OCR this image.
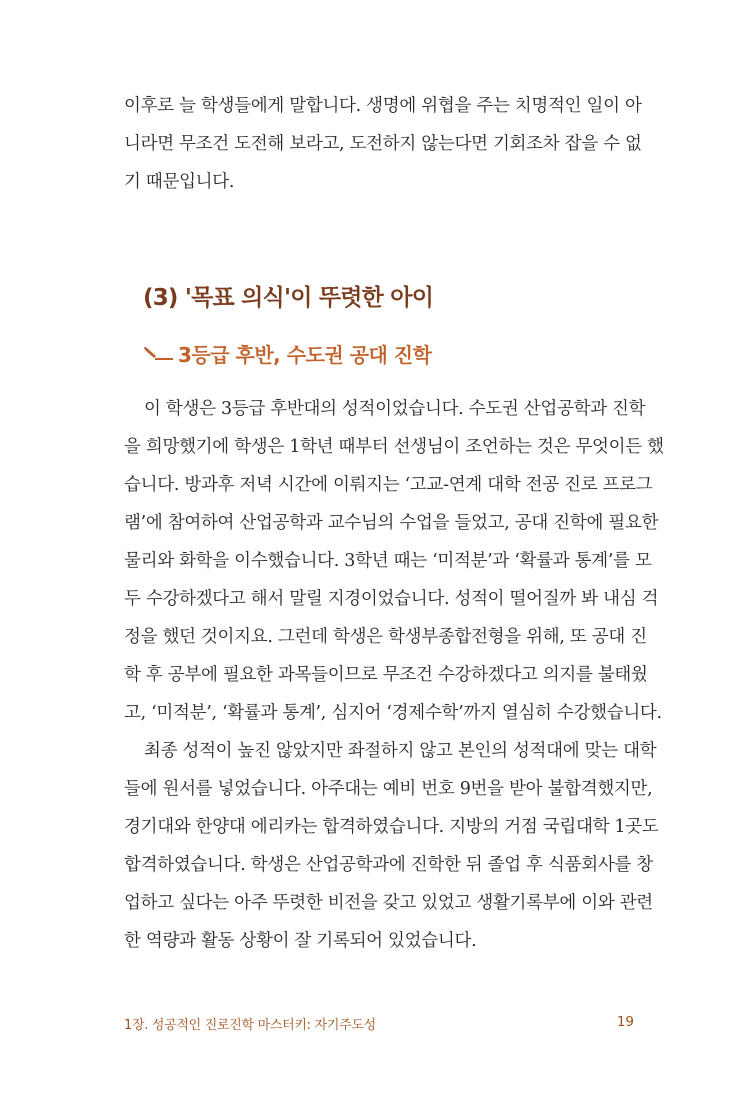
이후로 늘 학생들에게 말합니다. 생명에 위협을 주는 치명적인 일이 아
니라면 무조건 도전해 보라고, 도전하지 않는다면 기회조차 잡을 수 없
기 때문입니다.
(3) '목표 의식'이 뚜렷한 아이
3등급 후반, 수도권 공대 진학
이 학생은 3등급 후반대의 성적이었습니다. 수도권 산업공학과 진학
을 희망했기에 학생은 1학년 때부터 선생님이 조언하는 것은 무엇이든 했
습니다. 방과후 저녁 시간에 이뤄지는 ‘고교-연계 대학 전공 진로 프로그
램’에 참여하여 산업공학과 교수님의 수업을 들었고, 공대 진학에 필요한
물리와 화학을 이수했습니다. 3학년 때는 ‘미적분’과 ‘확률과 통계’를 모
두 수강하겠다고 해서 말릴 지경이었습니다. 성적이 떨어질까 봐 내심 걱
정을 했던 것이지요. 그런데 학생은 학생부종합전형을 위해, 또 공대 진
학 후 공부에 필요한 과목들이므로 무조건 수강하겠다고 의지를 불태웠
고, ‘미적분’, ‘확률과 통계’, 심지어 ‘경제수학’까지 열심히 수강했습니다.
최종 성적이 높진 않았지만 좌절하지 않고 본인의 성적대에 맞는 대학
들에 원서를 넣었습니다. 아주대는 예비 번호 9번을 받아 불합격했지만,
경기대와 한양대 에리카는 합격하였습니다. 지방의 거점 국립대학 1곳도
합격하였습니다. 학생은 산업공학과에 진학한 뒤 졸업 후 식품회사를 창
업하고 싶다는 아주 뚜렷한 비전을 갖고 있었고 생활기록부에 이와 관련
한 역량과 활동 상황이 잘 기록되어 있었습니다.
1장. 성공적인 진로진학 마스터키: 자기주도성	19
